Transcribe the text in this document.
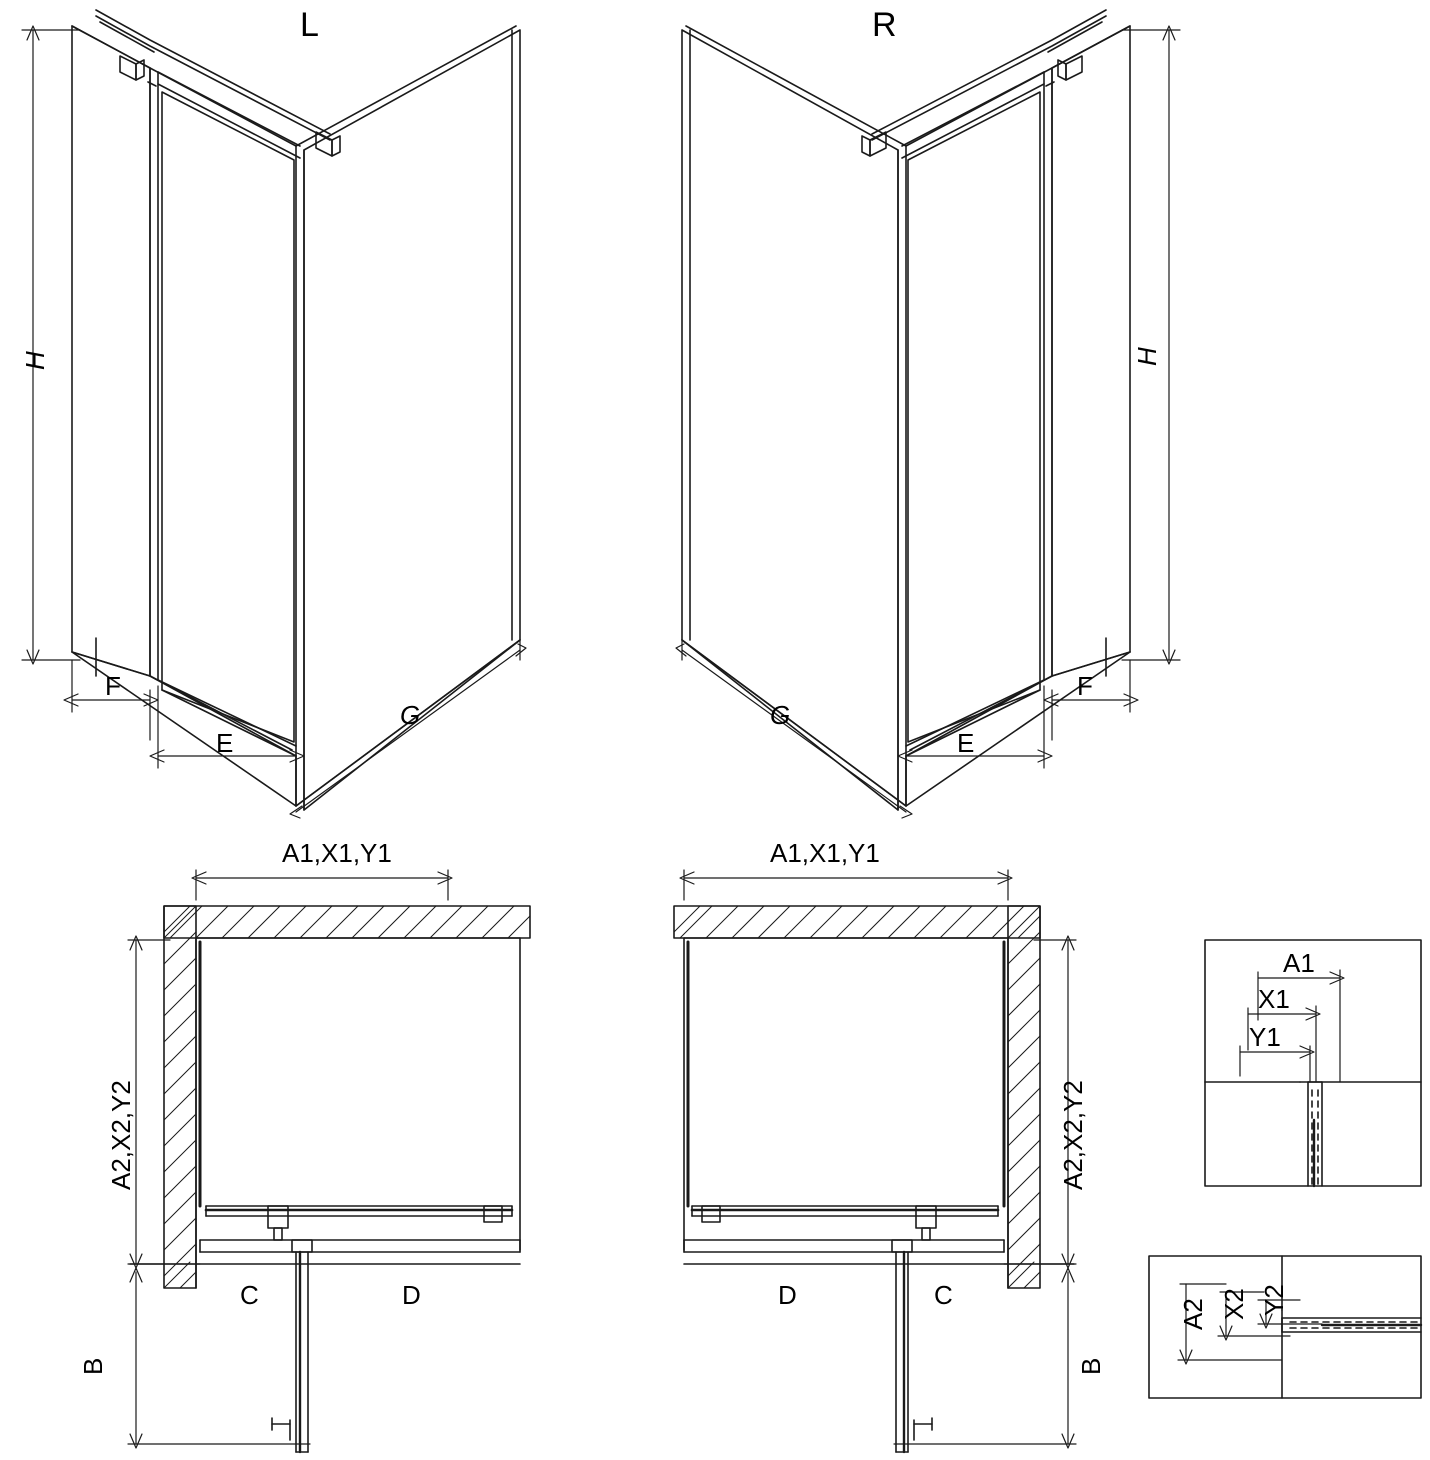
L	R
H
F
E
G
H
F
E
G
A1,X1,Y1
A2,X2,Y2
C	D
B
A1,X1,Y1
A2,X2,Y2
D	C
B
A1
X1
Y1
A2 X2 Y2
